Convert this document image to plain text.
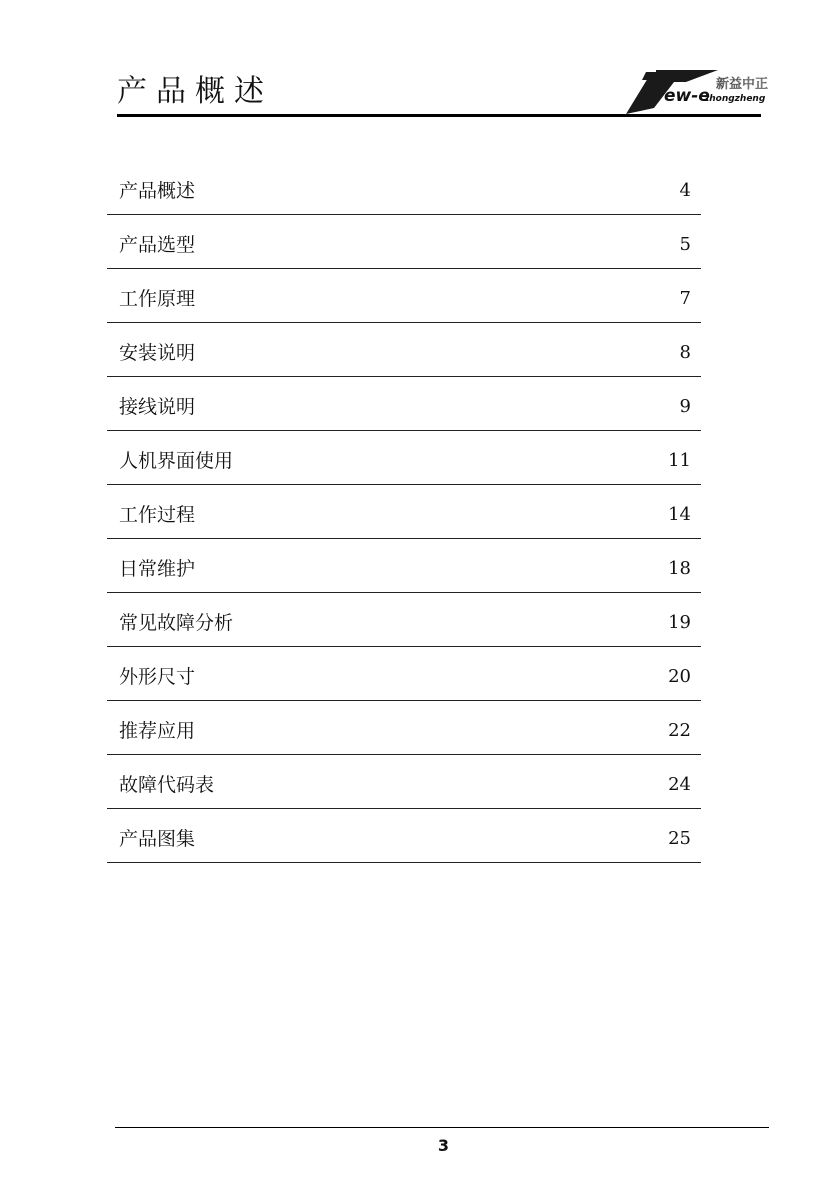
产品概述	ew-e
zhongzheng
新益中正
产品概述	4
产品选型	5
工作原理	7
安装说明	8
接线说明	9
人机界面使用	11
工作过程	14
日常维护	18
常见故障分析	19
外形尺寸	20
推荐应用	22
故障代码表	24
产品图集	25
3
